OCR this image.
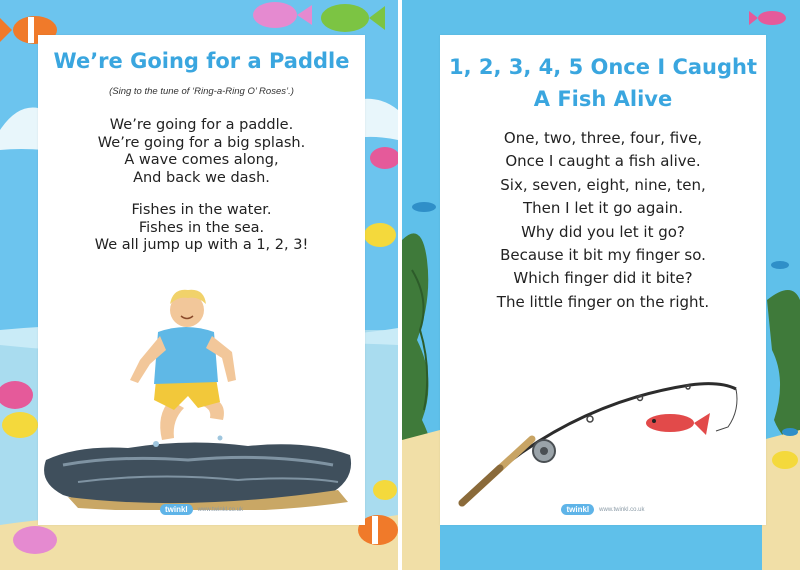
We’re Going for a Paddle
(Sing to the tune of ‘Ring-a-Ring O’ Roses’.)
We’re going for a paddle.
We’re going for a big splash.
A wave comes along,
And back we dash.
Fishes in the water.
Fishes in the sea.
We all jump up with a 1, 2, 3!
twinkl	www.twinkl.co.uk
1, 2, 3, 4, 5 Once I Caught
A Fish Alive
One, two, three, four, five,
Once I caught a fish alive.
Six, seven, eight, nine, ten,
Then I let it go again.
Why did you let it go?
Because it bit my finger so.
Which finger did it bite?
The little finger on the right.
twinkl	www.twinkl.co.uk
